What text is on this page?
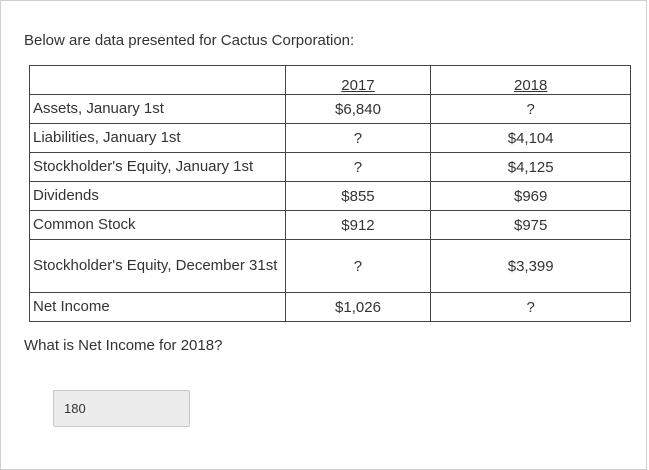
Below are data presented for Cactus Corporation:
	2017	2018
Assets, January 1st	$6,840	?
Liabilities, January 1st	?	$4,104
Stockholder's Equity, January 1st	?	$4,125
Dividends	$855	$969
Common Stock	$912	$975
Stockholder's Equity, December 31st	?	$3,399
Net Income	$1,026	?
What is Net Income for 2018?
180
